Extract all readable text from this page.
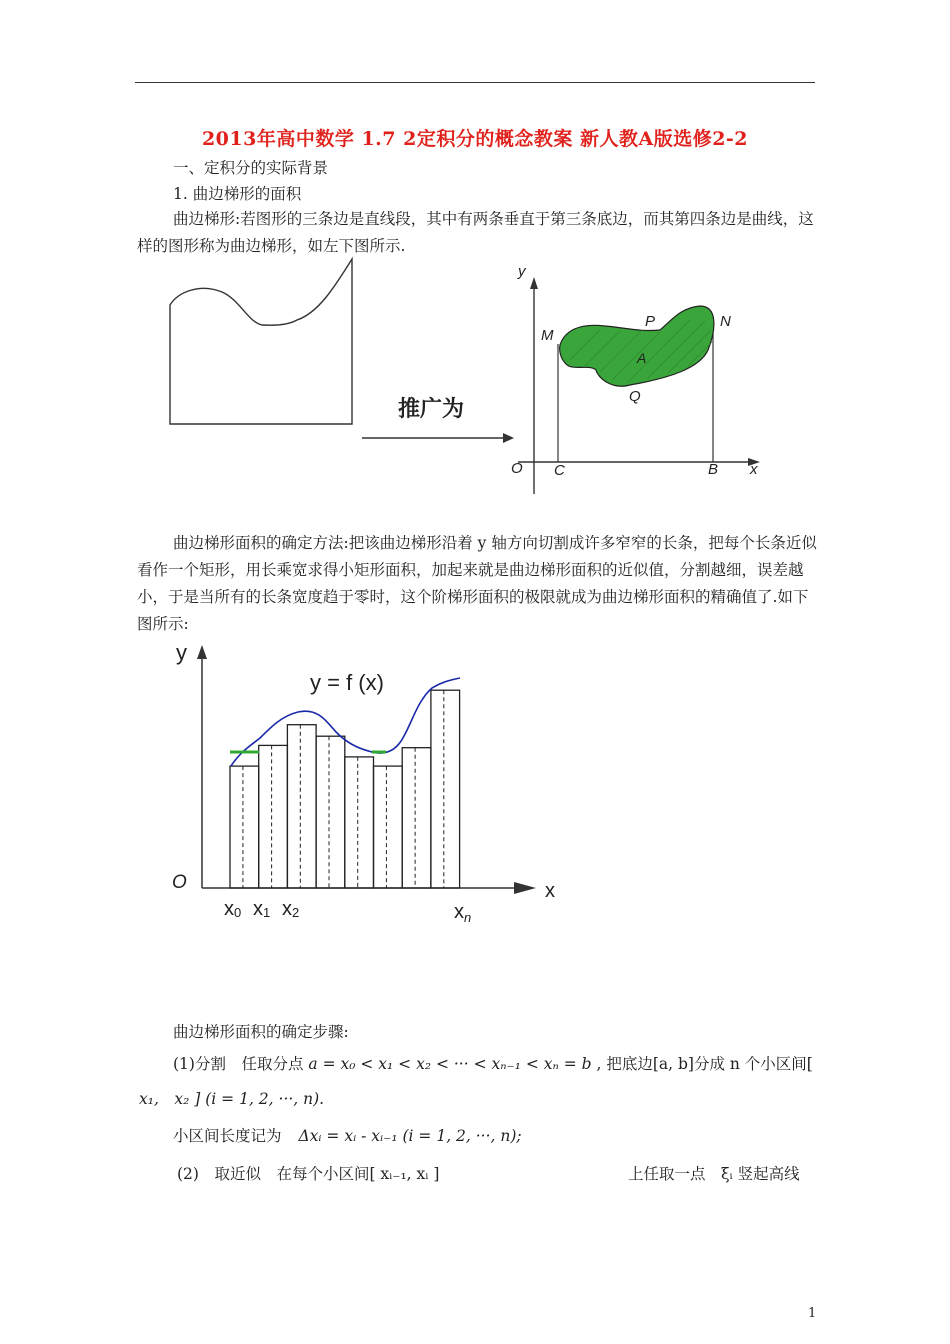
2013年高中数学 1.7 2定积分的概念教案 新人教A版选修2-2
一、定积分的实际背景
1. 曲边梯形的面积
曲边梯形:若图形的三条边是直线段，其中有两条垂直于第三条底边，而其第四条边是曲线，这样的图形称为曲边梯形，如左下图所示.
推广为
y
x
O C	B
M
N
P
Q
A
曲边梯形面积的确定方法:把该曲边梯形沿着 y 轴方向切割成许多窄窄的长条，把每个长条近似看作一个矩形，用长乘宽求得小矩形面积，加起来就是曲边梯形面积的近似值，分割越细，误差越小，于是当所有的长条宽度趋于零时，这个阶梯形面积的极限就成为曲边梯形面积的精确值了.如下图所示:
y
x
O
y = f (x)
x0 x1 x2	$x_n$
曲边梯形面积的确定步骤:
(1)分割　任取分点 a = x₀ < x₁ < x₂ < ··· < xₙ₋₁ < xₙ = b , 把底边[a, b]分成 n 个小区间[
x₁,　x₂ ] (i = 1, 2, ···, n).
小区间长度记为 Δxᵢ = xᵢ - xᵢ₋₁ (i = 1, 2, ···, n);
(2)　取近似　在每个小区间[ xᵢ₋₁, xᵢ ]	上任取一点　ξᵢ 竖起高线
1
